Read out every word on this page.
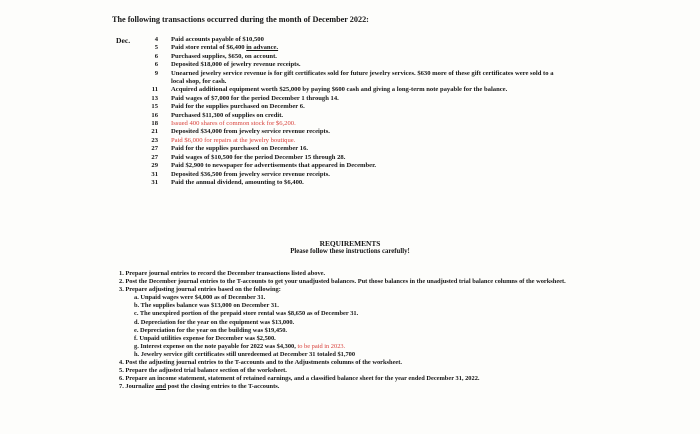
The following transactions occurred during the month of December 2022:
Dec.	4 Paid accounts payable of $10,500
5 Paid store rental of $6,400 in advance.
6 Purchased supplies, $650, on account.
6 Deposited $18,000 of jewelry revenue receipts.
9 Unearned jewelry service revenue is for gift certificates sold for future jewelry services. $630 more of these gift certificates were sold to a local shop, for cash.
11 Acquired additional equipment worth $25,000 by paying $600 cash and giving a long-term note payable for the balance.
13 Paid wages of $7,000 for the period December 1 through 14.
15 Paid for the supplies purchased on December 6.
16 Purchased $11,300 of supplies on credit.
18 Issued 400 shares of common stock for $6,200.
21 Deposited $34,000 from jewelry service revenue receipts.
23 Paid $6,000 for repairs at the jewelry boutique.
27 Paid for the supplies purchased on December 16.
27 Paid wages of $10,500 for the period December 15 through 28.
29 Paid $2,900 to newspaper for advertisements that appeared in December.
31 Deposited $36,500 from jewelry service revenue receipts.
31 Paid the annual dividend, amounting to $6,400.
REQUIREMENTS
Please follow these instructions carefully!
1. Prepare journal entries to record the December transactions listed above.
2. Post the December journal entries to the T-accounts to get your unadjusted balances. Put those balances in the unadjusted trial balance columns of the worksheet.
3. Prepare adjusting journal entries based on the following:
a. Unpaid wages were $4,000 as of December 31.
b. The supplies balance was $13,000 on December 31.
c. The unexpired portion of the prepaid store rental was $8,650 as of December 31.
d. Depreciation for the year on the equipment was $13,000.
e. Depreciation for the year on the building was $19,450.
f. Unpaid utilities expense for December was $2,500.
g. Interest expense on the note payable for 2022 was $4,300, to be paid in 2023.
h. Jewelry service gift certificates still unredeemed at December 31 totaled $1,700
4. Post the adjusting journal entries to the T-accounts and to the Adjustments columns of the worksheet.
5. Prepare the adjusted trial balance section of the worksheet.
6. Prepare an income statement, statement of retained earnings, and a classified balance sheet for the year ended December 31, 2022.
7. Journalize and post the closing entries to the T-accounts.
